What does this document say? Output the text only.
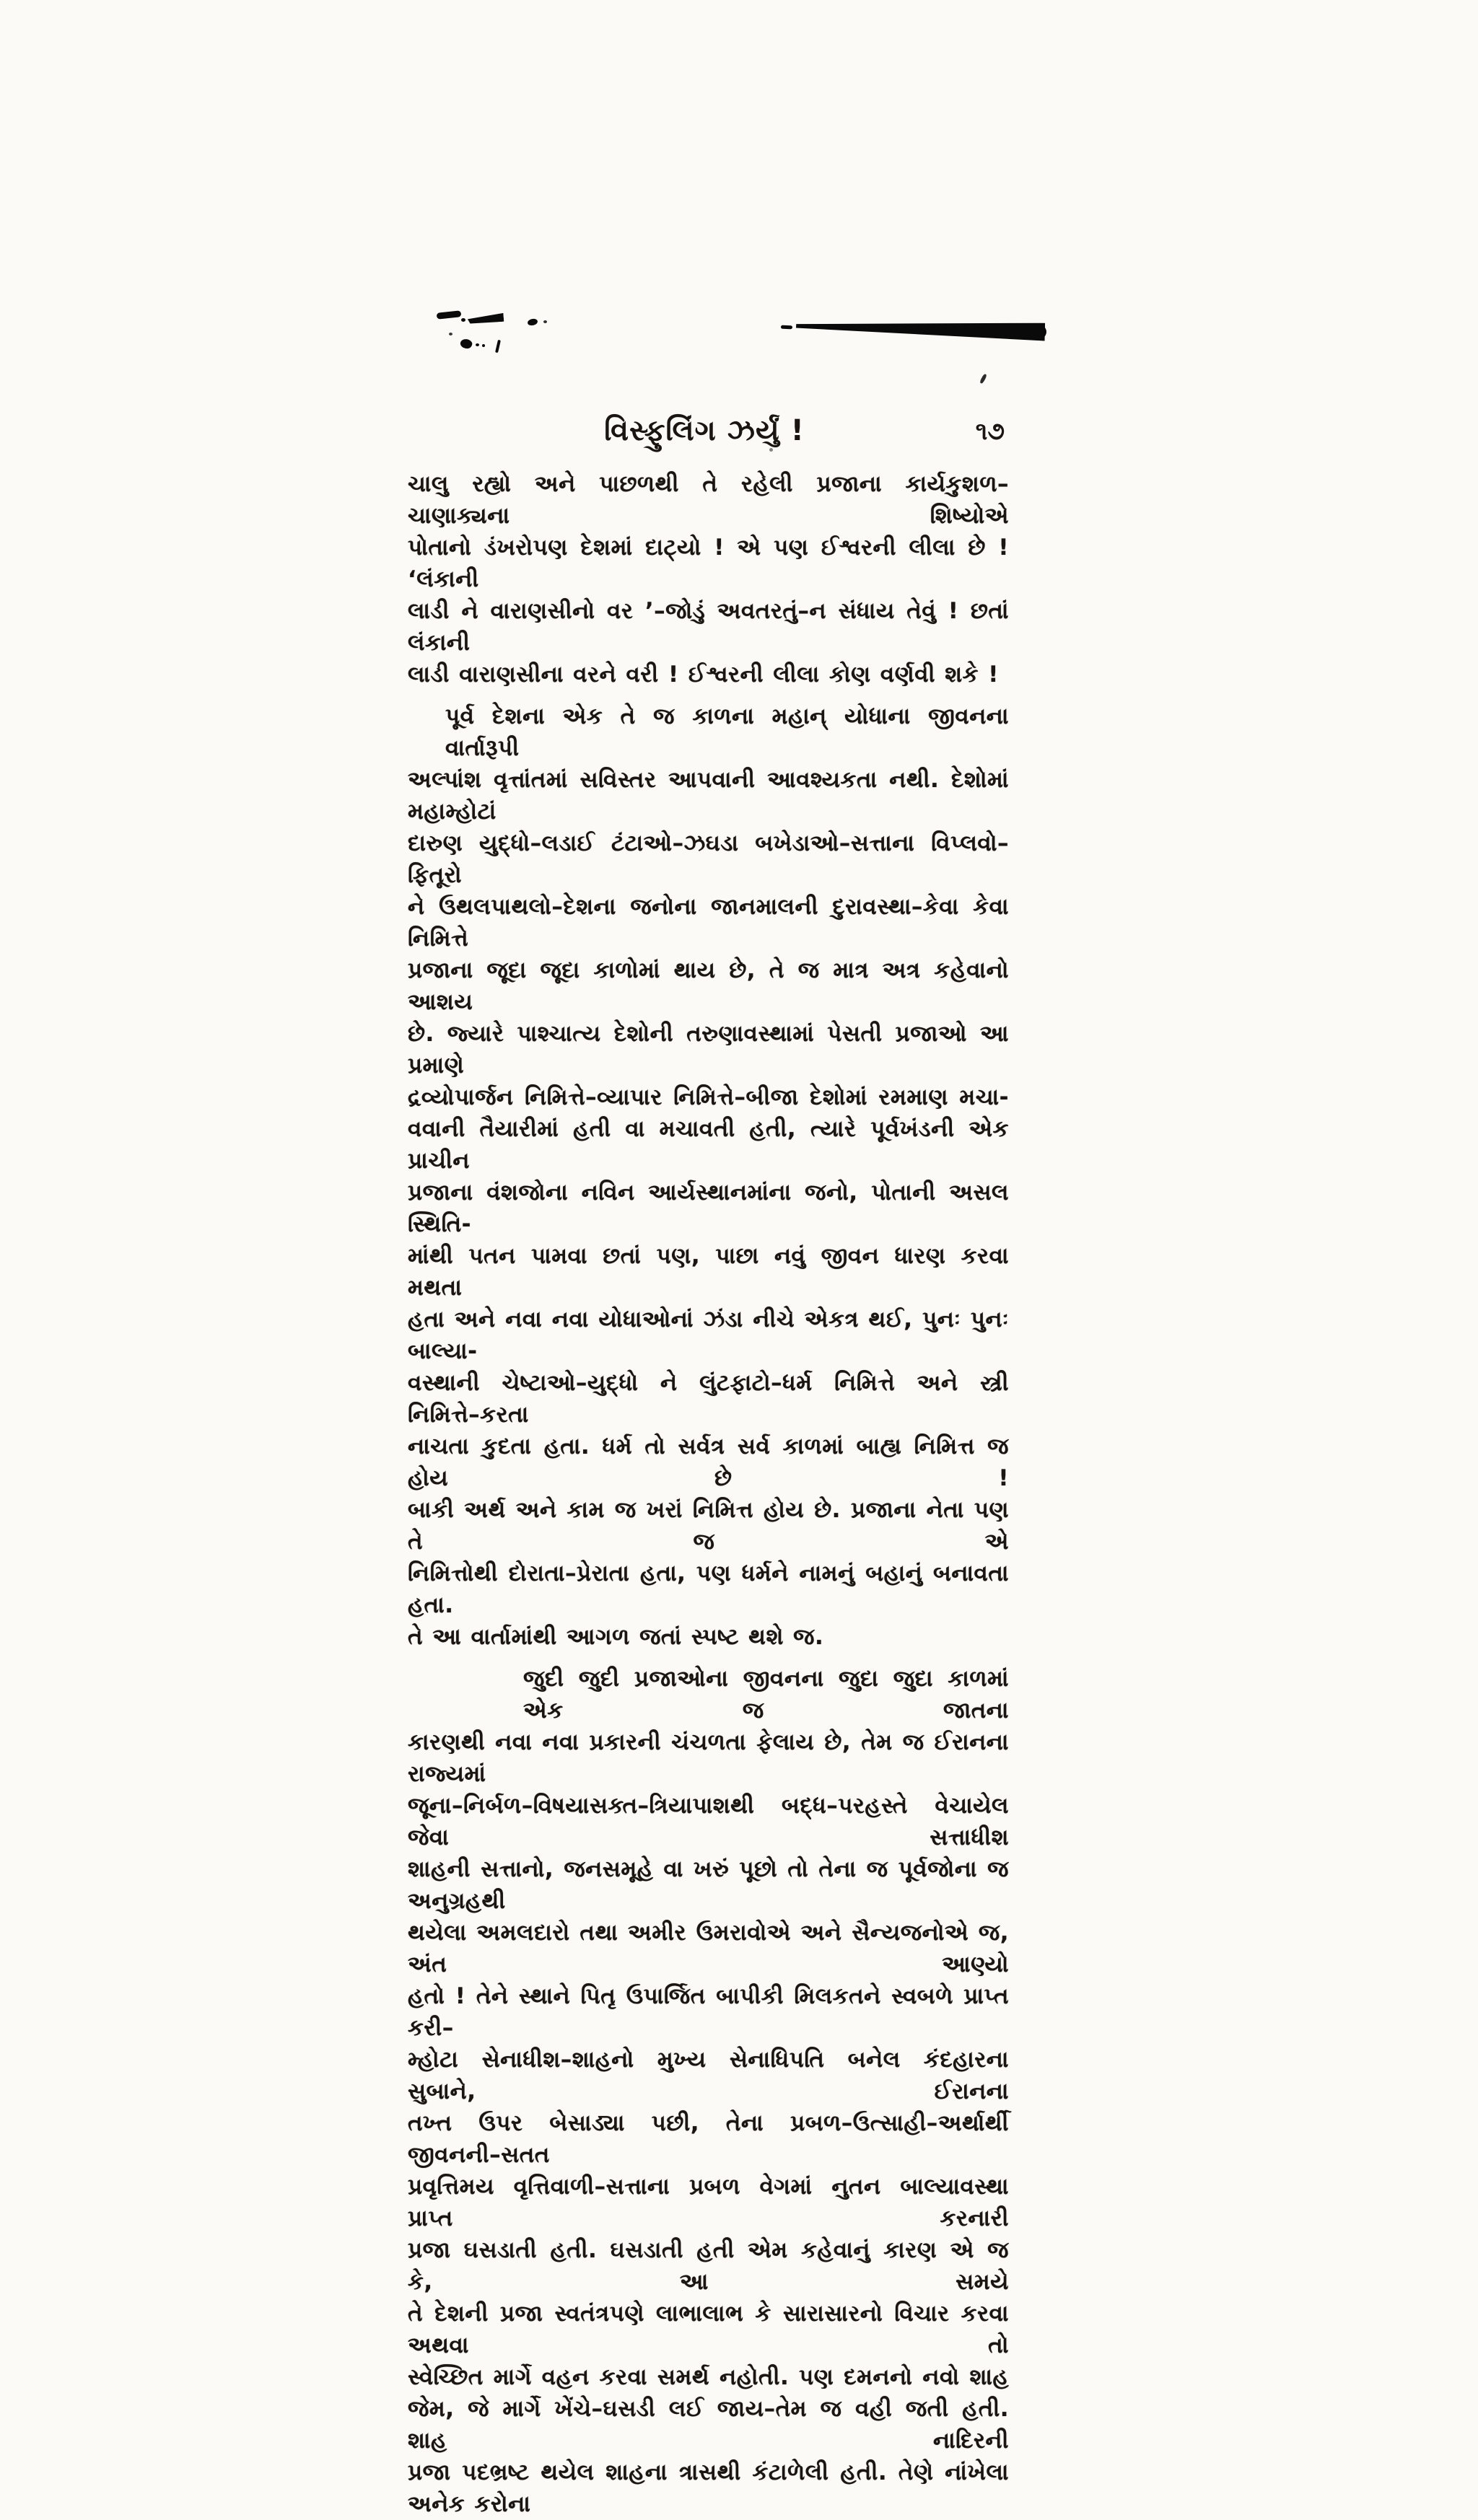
વિસ્ફુલિંગ ઝર્યું !	૧૭
ચાલુ રહ્યો અને પાછળથી તે રહેલી પ્રજાના કાર્યકુશળ–ચાણાક્યના શિષ્યોએ
પોતાનો ડંખરોપણ દેશમાં દાટ્યો ! એ પણ ઈશ્વરની લીલા છે ! ‘લંકાની
લાડી ને વારાણસીનો વર ’–જોડું અવતરતું–ન સંધાય તેવું ! છતાં લંકાની
લાડી વારાણસીના વરને વરી ! ઈશ્વરની લીલા કોણ વર્ણવી શકે !
પૂર્વ દેશના એક તે જ કાળના મહાન્ યોધાના જીવનના વાર્તારૂપી
અલ્પાંશ વૃત્તાંતમાં સવિસ્તર આપવાની આવશ્યકતા નથી. દેશોમાં મહામ્હોટાં
દારુણ યુદ્ધો–લડાઈ ટંટાઓ–ઝઘડા બખેડાઓ–સત્તાના વિપ્લવો–ફિતૂરો
ને ઉથલપાથલો–દેશના જનોના જાનમાલની દુરાવસ્થા–કેવા કેવા નિમિત્તે
પ્રજાના જૂદા જૂદા કાળોમાં થાય છે, તે જ માત્ર અત્ર કહેવાનો આશય
છે. જ્યારે પાશ્ચાત્ય દેશોની તરુણાવસ્થામાં પેસતી પ્રજાઓ આ પ્રમાણે
દ્રવ્યોપાર્જન નિમિત્તે–વ્યાપાર નિમિત્તે–બીજા દેશોમાં રમમાણ મચા-
વવાની તૈયારીમાં હતી વા મચાવતી હતી, ત્યારે પૂર્વખંડની એક પ્રાચીન
પ્રજાના વંશજોના નવિન આર્યસ્થાનમાંના જનો, પોતાની અસલ સ્થિતિ-
માંથી પતન પામવા છતાં પણ, પાછા નવું જીવન ધારણ કરવા મથતા
હતા અને નવા નવા યોધાઓનાં ઝંડા નીચે એકત્ર થઈ, પુનઃ પુનઃ બાલ્યા-
વસ્થાની ચેષ્ટાઓ–યુદ્ધો ને લુંટફાટો–ધર્મ નિમિત્તે અને સ્ત્રી નિમિત્તે–કરતા
નાચતા કુદતા હતા. ધર્મ તો સર્વત્ર સર્વ કાળમાં બાહ્ય નિમિત્ત જ હોય છે !
બાકી અર્થ અને કામ જ ખરાં નિમિત્ત હોય છે. પ્રજાના નેતા પણ તે જ એ
નિમિત્તોથી દોરાતા–પ્રેરાતા હતા, પણ ધર્મને નામનું બહાનું બનાવતા હતા.
તે આ વાર્તામાંથી આગળ જતાં સ્પષ્ટ થશે જ.
જુદી જુદી પ્રજાઓના જીવનના જુદા જુદા કાળમાં એક જ જાતના
કારણથી નવા નવા પ્રકારની ચંચળતા ફેલાય છે, તેમ જ ઈરાનના રાજ્યમાં
જૂના–નિર્બળ–વિષયાસક્ત–ત્રિયાપાશથી બદ્ધ–પરહસ્તે વેચાયેલ જેવા સત્તાધીશ
શાહની સત્તાનો, જનસમૂહે વા ખરું પૂછો તો તેના જ પૂર્વજોના જ અનુગ્રહથી
થયેલા અમલદારો તથા અમીર ઉમરાવોએ અને સૈન્યજનોએ જ, અંત આણ્યો
હતો ! તેને સ્થાને પિતૃ ઉપાર્જિત બાપીકી મિલકતને સ્વબળે પ્રાપ્ત કરી–
મ્હોટા સેનાધીશ–શાહનો મુખ્ય સેનાધિપતિ બનેલ કંદહારના સુબાને, ઈરાનના
તખ્ત ઉપર બેસાડ્યા પછી, તેના પ્રબળ–ઉત્સાહી–અર્થાર્થી જીવનની–સતત
પ્રવૃત્તિમય વૃત્તિવાળી–સત્તાના પ્રબળ વેગમાં નુતન બાલ્યાવસ્થા પ્રાપ્ત કરનારી
પ્રજા ઘસડાતી હતી. ઘસડાતી હતી એમ કહેવાનું કારણ એ જ કે, આ સમયે
તે દેશની પ્રજા સ્વતંત્રપણે લાભાલાભ કે સારાસારનો વિચાર કરવા અથવા તો
સ્વેચ્છિત માર્ગે વહન કરવા સમર્થ નહોતી. પણ દમનનો નવો શાહ
જેમ, જે માર્ગે ખેંચે–ઘસડી લઈ જાય–તેમ જ વહી જતી હતી. શાહ નાદિરની
પ્રજા પદભ્રષ્ટ થયેલ શાહના ત્રાસથી કંટાળેલી હતી. તેણે નાંખેલા અનેક કરોના
